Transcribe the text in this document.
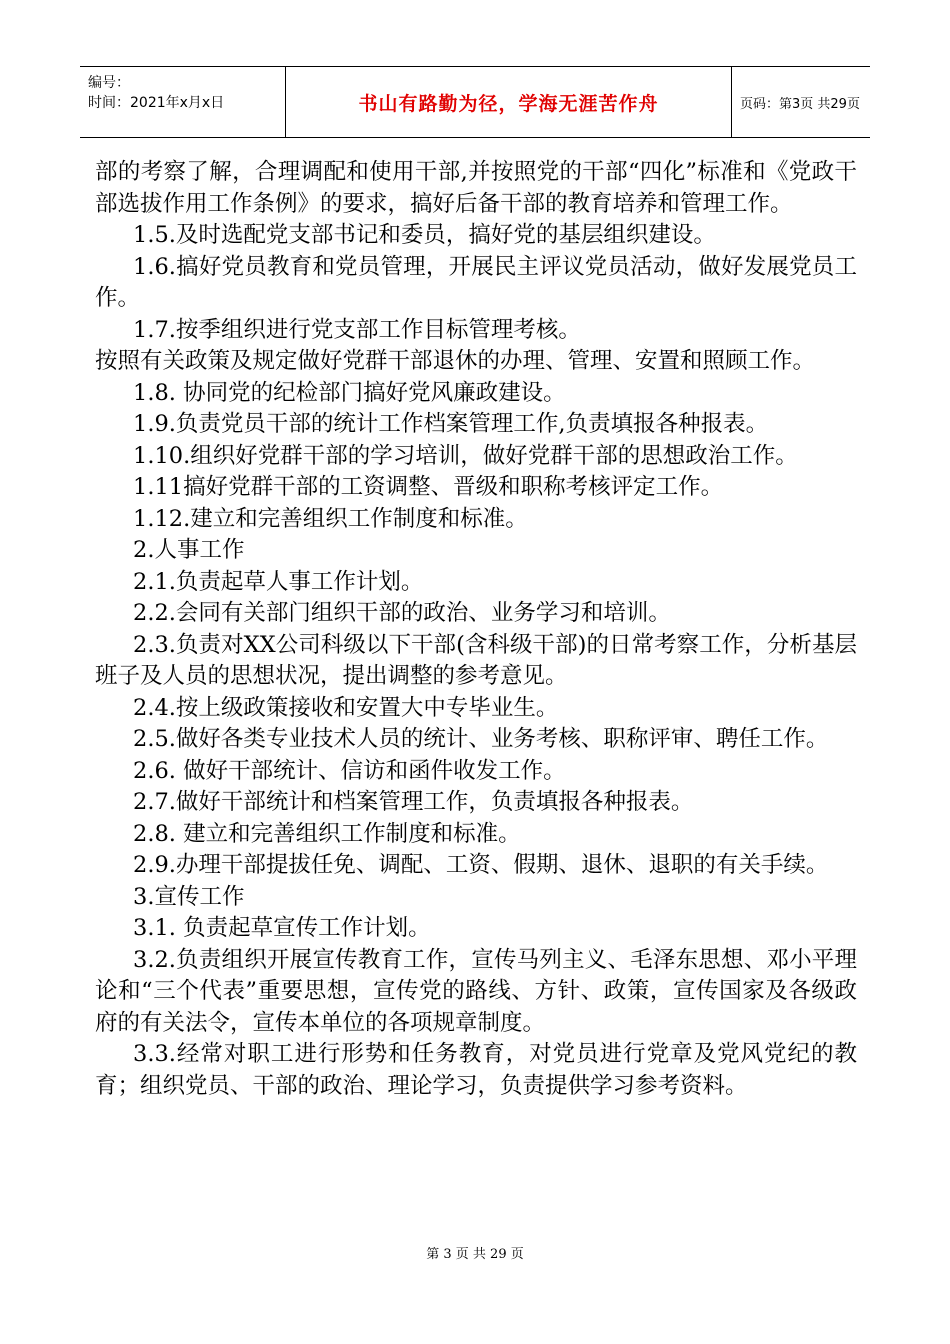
编号：
时间：2021年x月x日	书山有路勤为径，学海无涯苦作舟	页码：第3页 共29页

部的考察了解，合理调配和使用干部,并按照党的干部“四化”标准和《党政干部选拔作用工作条例》的要求，搞好后备干部的教育培养和管理工作。

1.5.及时选配党支部书记和委员，搞好党的基层组织建设。

1.6.搞好党员教育和党员管理，开展民主评议党员活动，做好发展党员工作。

1.7.按季组织进行党支部工作目标管理考核。

按照有关政策及规定做好党群干部退休的办理、管理、安置和照顾工作。

1.8. 协同党的纪检部门搞好党风廉政建设。

1.9.负责党员干部的统计工作档案管理工作,负责填报各种报表。

1.10.组织好党群干部的学习培训，做好党群干部的思想政治工作。

1.11搞好党群干部的工资调整、晋级和职称考核评定工作。

1.12.建立和完善组织工作制度和标准。

2.人事工作

2.1.负责起草人事工作计划。

2.2.会同有关部门组织干部的政治、业务学习和培训。

2.3.负责对XX公司科级以下干部(含科级干部)的日常考察工作，分析基层班子及人员的思想状况，提出调整的参考意见。

2.4.按上级政策接收和安置大中专毕业生。

2.5.做好各类专业技术人员的统计、业务考核、职称评审、聘任工作。

2.6. 做好干部统计、信访和函件收发工作。

2.7.做好干部统计和档案管理工作，负责填报各种报表。

2.8. 建立和完善组织工作制度和标准。

2.9.办理干部提拔任免、调配、工资、假期、退休、退职的有关手续。

3.宣传工作

3.1. 负责起草宣传工作计划。

3.2.负责组织开展宣传教育工作，宣传马列主义、毛泽东思想、邓小平理论和“三个代表”重要思想，宣传党的路线、方针、政策，宣传国家及各级政府的有关法令，宣传本单位的各项规章制度。

3.3.经常对职工进行形势和任务教育，对党员进行党章及党风党纪的教育；组织党员、干部的政治、理论学习，负责提供学习参考资料。

第 3 页 共 29 页
